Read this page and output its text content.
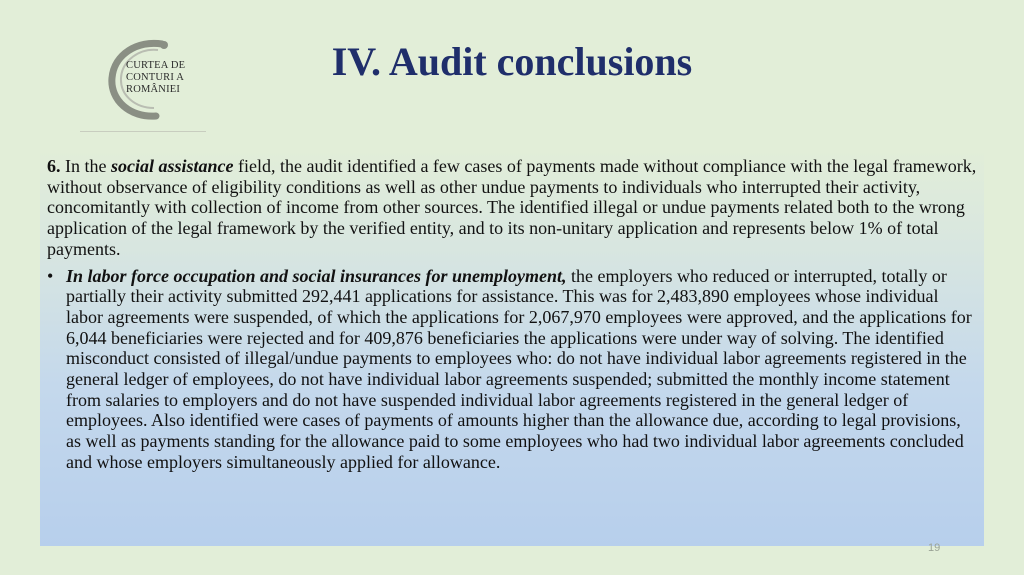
CURTEA DE
CONTURI A
ROMÂNIEI
IV. Audit conclusions

6. In the social assistance field, the audit identified a few cases of payments made without compliance with the legal framework, without observance of eligibility conditions as well as other undue payments to individuals who interrupted their activity, concomitantly with collection of income from other sources. The identified illegal or undue payments related both to the wrong application of the legal framework by the verified entity, and to its non-unitary application and represents below 1% of total payments.

• In labor force occupation and social insurances for unemployment, the employers who reduced or interrupted, totally or partially their activity submitted 292,441 applications for assistance. This was for 2,483,890 employees whose individual labor agreements were suspended, of which the applications for 2,067,970 employees were approved, and the applications for 6,044 beneficiaries were rejected and for 409,876 beneficiaries the applications were under way of solving. The identified misconduct consisted of illegal/undue payments to employees who: do not have individual labor agreements registered in the general ledger of employees, do not have individual labor agreements suspended; submitted the monthly income statement from salaries to employers and do not have suspended individual labor agreements registered in the general ledger of employees. Also identified were cases of payments of amounts higher than the allowance due, according to legal provisions, as well as payments standing for the allowance paid to some employees who had two individual labor agreements concluded and whose employers simultaneously applied for allowance.
19
